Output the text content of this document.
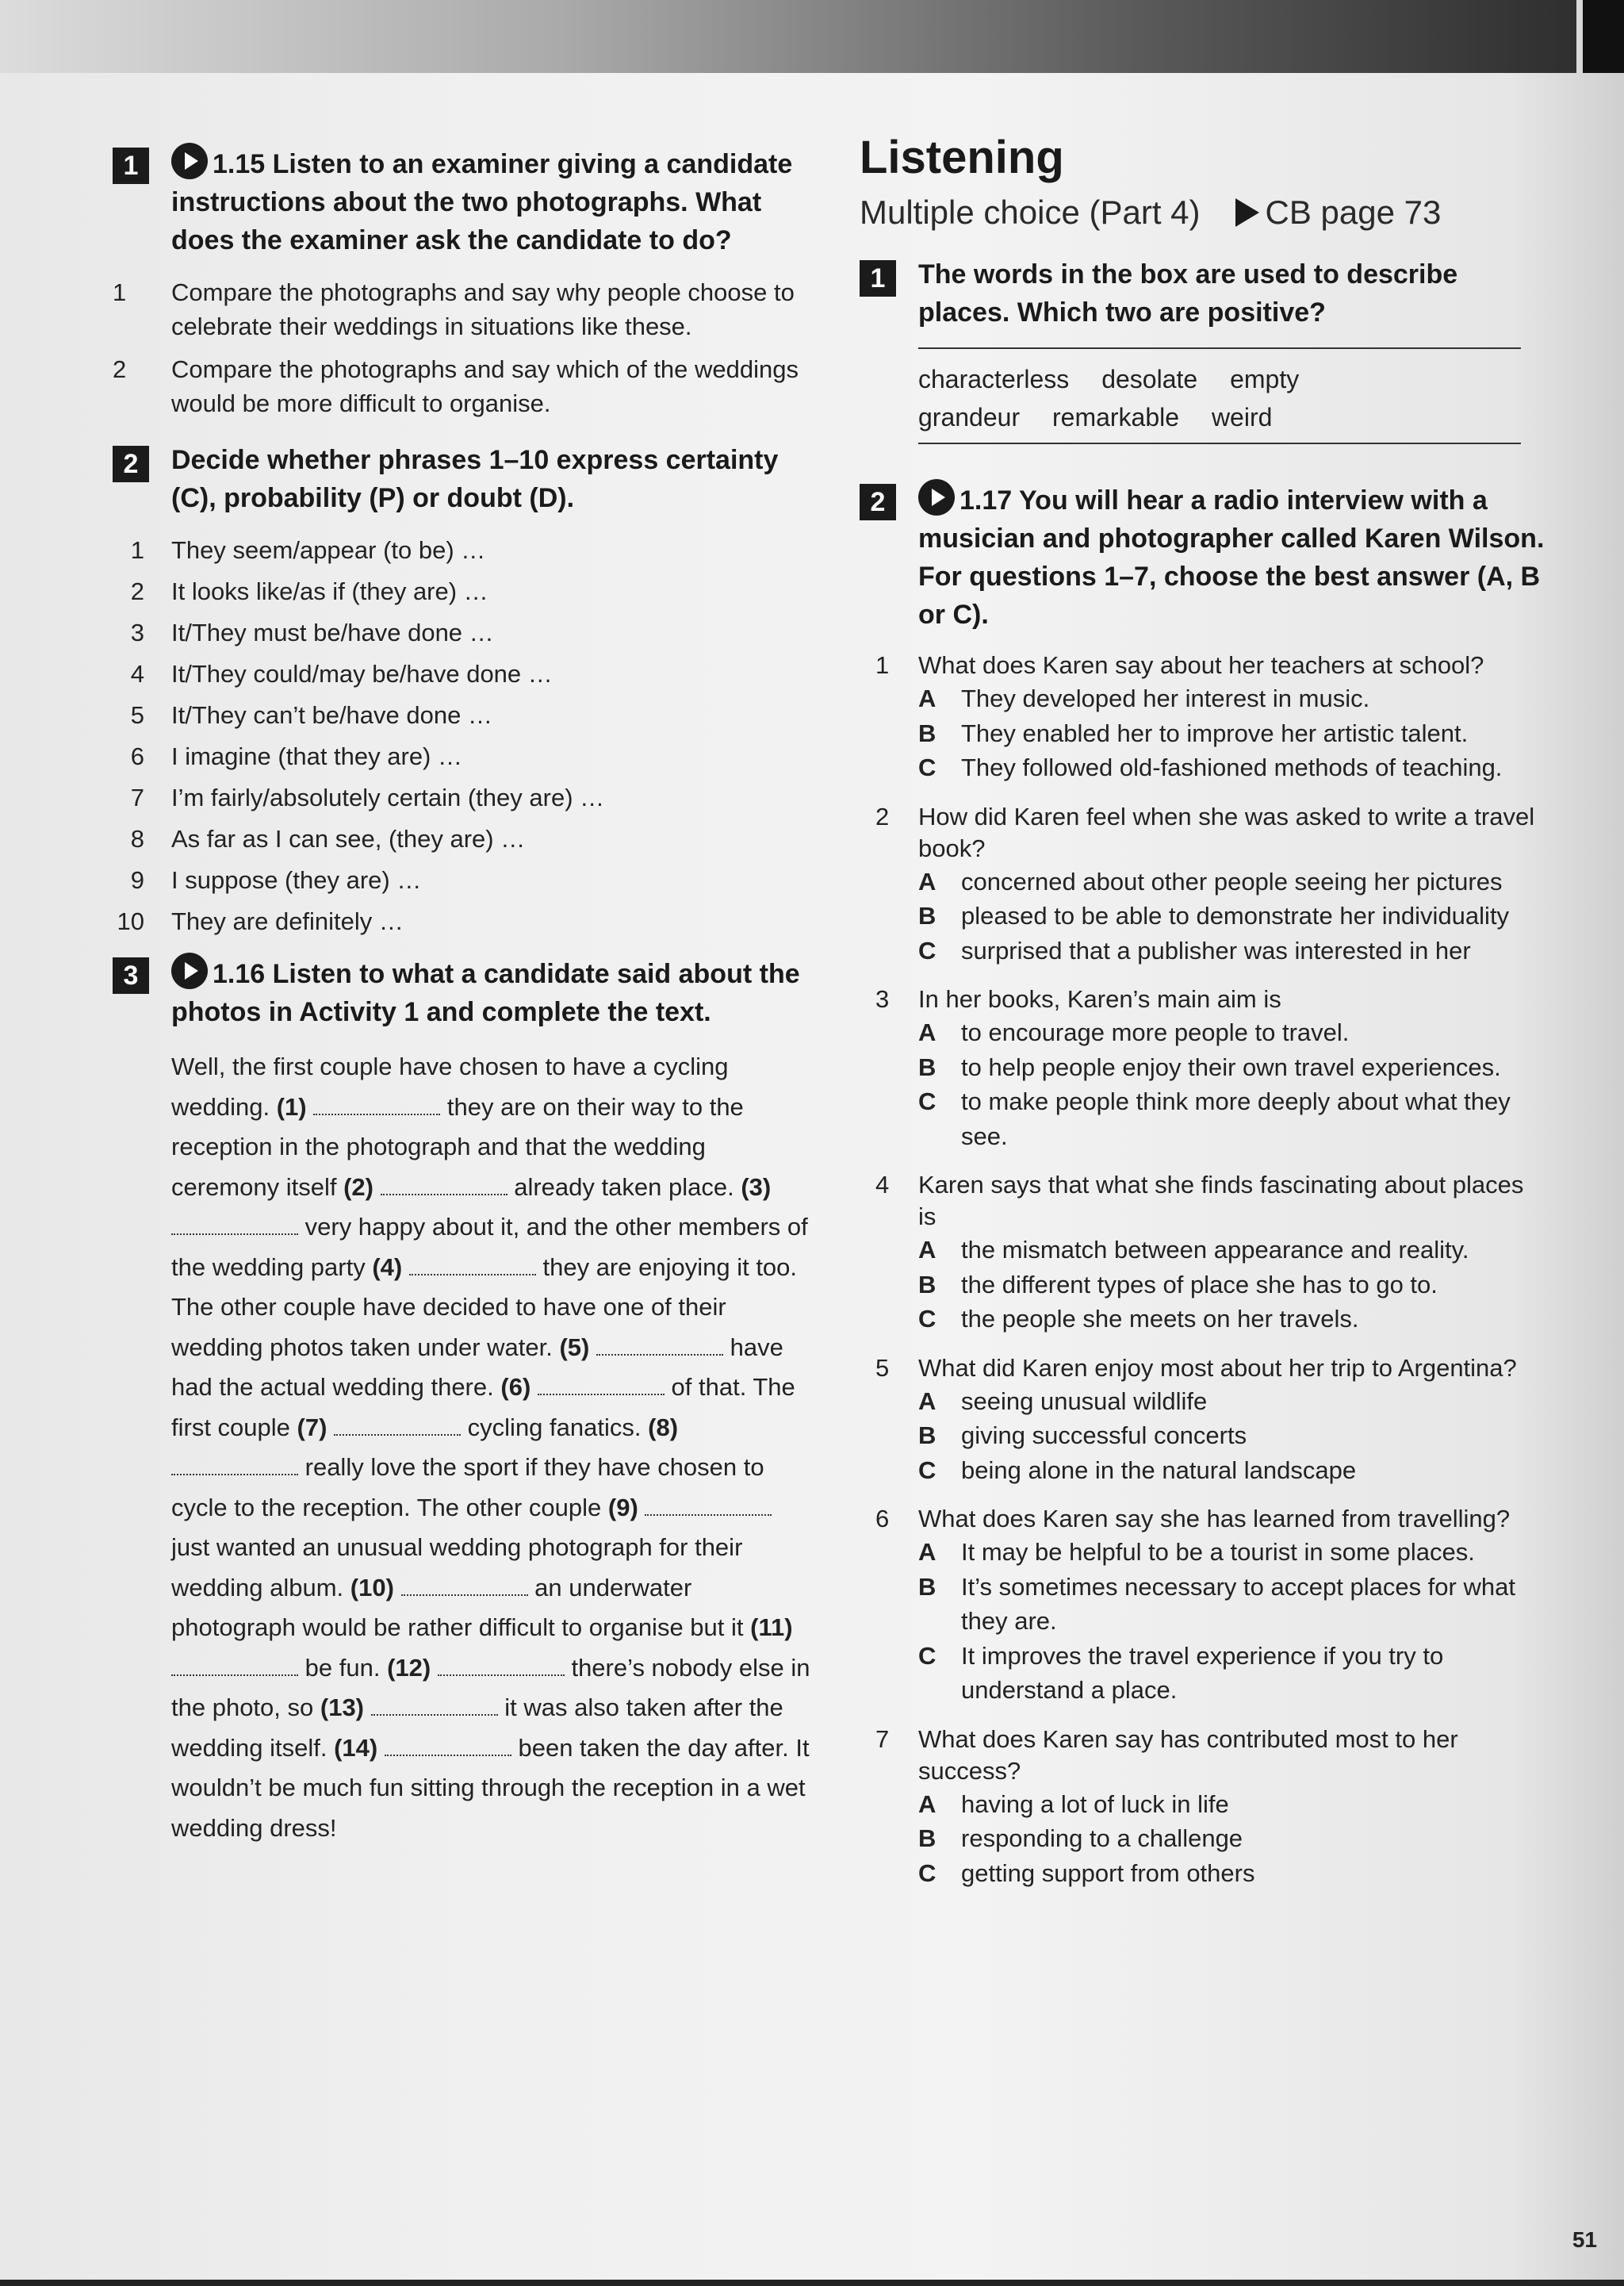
1	1.15 Listen to an examiner giving a candidate instructions about the two photographs. What does the examiner ask the candidate to do?
1	Compare the photographs and say why people choose to celebrate their weddings in situations like these.
2	Compare the photographs and say which of the weddings would be more difficult to organise.
2	Decide whether phrases 1–10 express certainty (C), probability (P) or doubt (D).
1 They seem/appear (to be) …
2 It looks like/as if (they are) …
3 It/They must be/have done …
4 It/They could/may be/have done …
5 It/They can’t be/have done …
6 I imagine (that they are) …
7 I’m fairly/absolutely certain (they are) …
8 As far as I can see, (they are) …
9 I suppose (they are) …
10 They are definitely …
3	1.16 Listen to what a candidate said about the photos in Activity 1 and complete the text.

Well, the first couple have chosen to have a cycling wedding. (1)	they are on their way to the reception in the photograph and that the wedding ceremony itself (2)	already taken place. (3)  very happy about it, and the other members of the wedding party (4)	they are enjoying it too. The other couple have decided to have one of their wedding photos taken under water. (5)	have had the actual wedding there. (6)	of that. The first couple (7)	cycling fanatics. (8)  really love the sport if they have chosen to cycle to the reception. The other couple (9)  just wanted an unusual wedding photograph for their wedding album. (10)	an underwater photograph would be rather difficult to organise but it (11)  be fun. (12)	there’s nobody else in the photo, so (13)	it was also taken after the wedding itself. (14)	been taken the day after. It wouldn’t be much fun sitting through the reception in a wet wedding dress!

Listening
Multiple choice (Part 4) CB page 73
1	The words in the box are used to describe places. Which two are positive?
characterless desolate empty
grandeur remarkable weird
2	1.17 You will hear a radio interview with a musician and photographer called Karen Wilson. For questions 1–7, choose the best answer (A, B or C).
1 What does Karen say about her teachers at school?
A They developed her interest in music.
B They enabled her to improve her artistic talent.
C They followed old-fashioned methods of teaching.
2 How did Karen feel when she was asked to write a travel book?
A concerned about other people seeing her pictures
B pleased to be able to demonstrate her individuality
C surprised that a publisher was interested in her
3 In her books, Karen’s main aim is
A to encourage more people to travel.
B to help people enjoy their own travel experiences.
C to make people think more deeply about what they see.
4 Karen says that what she finds fascinating about places is
A the mismatch between appearance and reality.
B the different types of place she has to go to.
C the people she meets on her travels.
5 What did Karen enjoy most about her trip to Argentina?
A seeing unusual wildlife
B giving successful concerts
C being alone in the natural landscape
6 What does Karen say she has learned from travelling?
A It may be helpful to be a tourist in some places.
B It’s sometimes necessary to accept places for what they are.
C It improves the travel experience if you try to understand a place.
7 What does Karen say has contributed most to her success?
A having a lot of luck in life
B responding to a challenge
C getting support from others
51
